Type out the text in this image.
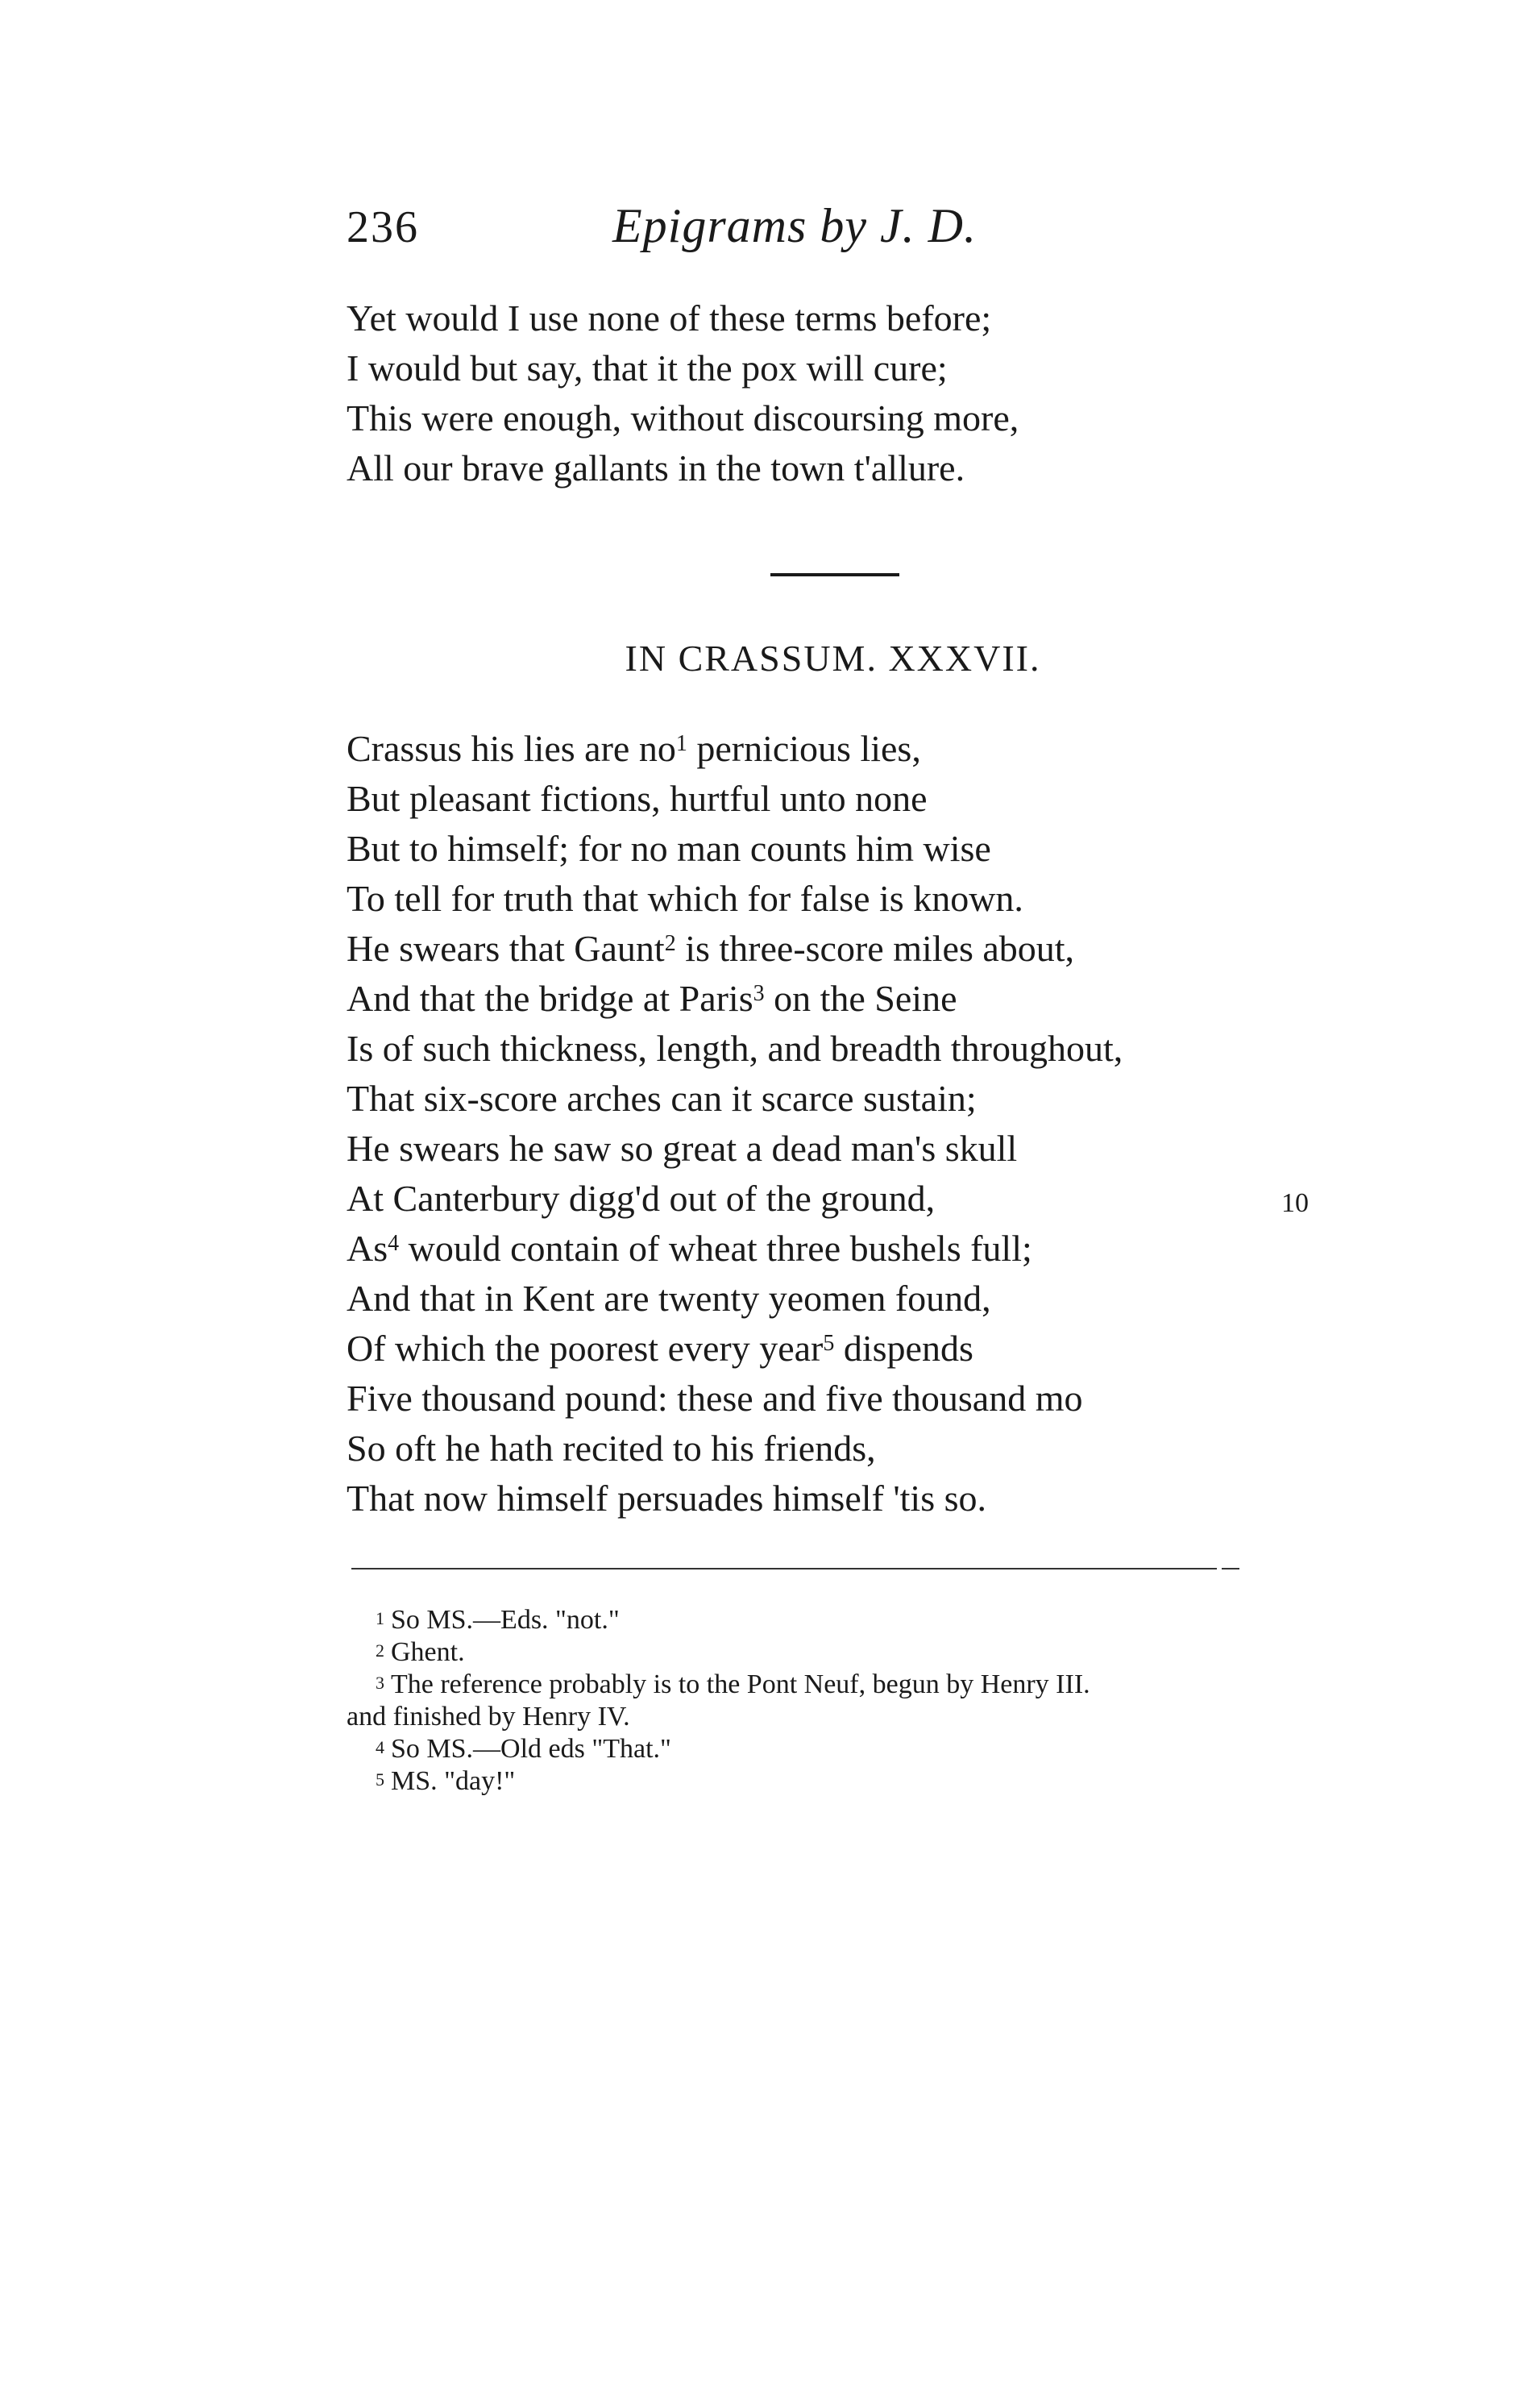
236	Epigrams by J. D.
Yet would I use none of these terms before;
I would but say, that it the pox will cure;
This were enough, without discoursing more,
All our brave gallants in the town t'allure.
IN CRASSUM. XXXVII.
Crassus his lies are $no^1$ pernicious lies,
But pleasant fictions, hurtful unto none
But to himself; for no man counts him wise
To tell for truth that which for false is known.
He swears that Gaunt$^2$ is three-score miles about,
And that the bridge at Paris$^3$ on the Seine
Is of such thickness, length, and breadth throughout,
That six-score arches can it scarce sustain;
He swears he saw so great a dead man's skull
At Canterbury digg'd out of the ground,	10
As$^4$ would contain of wheat three bushels full;
And that in Kent are twenty yeomen found,
Of which the poorest every year$^5$ dispends
Five thousand pound: these and five thousand mo
So oft he hath recited to his friends,
That now himself persuades himself 'tis so.
$^1$ So MS.—Eds. "not."
$^2$ Ghent.
$^3$ The reference probably is to the Pont Neuf, begun by Henry III.
and finished by Henry IV.
$^4$ So MS.—Old eds "That."
$^5$ MS. "day!"
